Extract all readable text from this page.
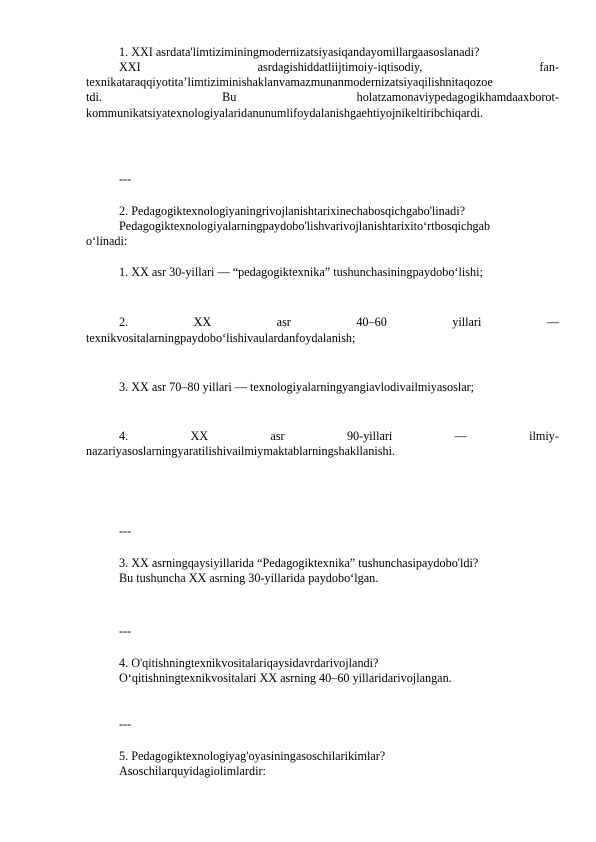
1. XXI asrdata'limtiziminingmodernizatsiyasiqandayomillargaasoslanadi?
XXI	asrdagishiddatliijtimoiy-iqtisodiy,	fan-
texnikataraqqiyotita’limtiziminishaklanvamazmunanmodernizatsiyaqilishnitaqozoe
tdi.	Bu	holatzamonaviypedagogikhamdaaxborot-
kommunikatsiyatexnologiyalaridanunumlifoydalanishgaehtiyojnikeltiribchiqardi.
---
2. Pedagogiktexnologiyaningrivojlanishtarixinechabosqichgabo'linadi?
Pedagogiktexnologiyalarningpaydobo'lishvarivojlanishtarixito‘rtbosqichgab
o‘linadi:
1. XX asr 30-yillari — “pedagogiktexnika” tushunchasiningpaydobo‘lishi;
2.	XX	asr	40–60	yillari	—
texnikvositalarningpaydobo‘lishivaulardanfoydalanish;
3. XX asr 70–80 yillari — texnologiyalarningyangiavlodivailmiyasoslar;
4.	XX	asr	90-yillari	—	ilmiy-
nazariyasoslarningyaratilishivailmiymaktablarningshakllanishi.
---
3. XX asrningqaysiyillarida “Pedagogiktexnika” tushunchasipaydobo'ldi?
Bu tushuncha XX asrning 30-yillarida paydobo‘lgan.
---
4. O'qitishningtexnikvositalariqaysidavrdarivojlandi?
O‘qitishningtexnikvositalari XX asrning 40–60 yillaridarivojlangan.
---
5. Pedagogiktexnologiyag'oyasiningasoschilarikimlar?
Asoschilarquyidagiolimlardir:
